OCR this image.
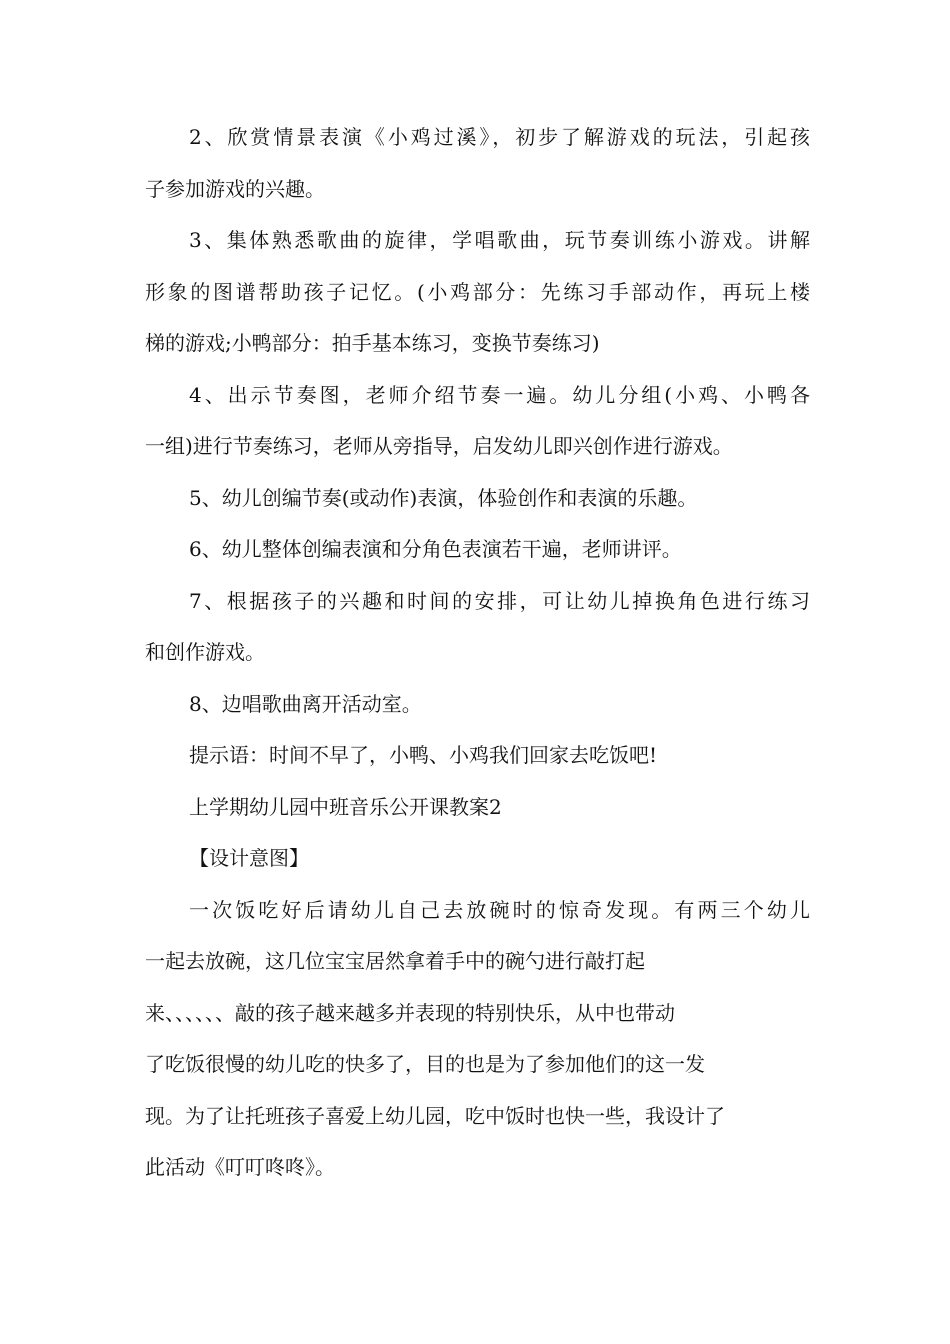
2、欣赏情景表演《小鸡过溪》，初步了解游戏的玩法，引起孩
子参加游戏的兴趣。
3、集体熟悉歌曲的旋律，学唱歌曲，玩节奏训练小游戏。讲解
形象的图谱帮助孩子记忆。(小鸡部分：先练习手部动作，再玩上楼
梯的游戏;小鸭部分：拍手基本练习，变换节奏练习)
4、出示节奏图，老师介绍节奏一遍。幼儿分组(小鸡、小鸭各
一组)进行节奏练习，老师从旁指导，启发幼儿即兴创作进行游戏。
5、幼儿创编节奏(或动作)表演，体验创作和表演的乐趣。
6、幼儿整体创编表演和分角色表演若干遍，老师讲评。
7、根据孩子的兴趣和时间的安排，可让幼儿掉换角色进行练习
和创作游戏。
8、边唱歌曲离开活动室。
提示语：时间不早了，小鸭、小鸡我们回家去吃饭吧!
上学期幼儿园中班音乐公开课教案2
【设计意图】
一次饭吃好后请幼儿自己去放碗时的惊奇发现。有两三个幼儿
一起去放碗，这几位宝宝居然拿着手中的碗勺进行敲打起
来、、、、、、敲的孩子越来越多并表现的特别快乐，从中也带动
了吃饭很慢的幼儿吃的快多了，目的也是为了参加他们的这一发
现。为了让托班孩子喜爱上幼儿园，吃中饭时也快一些，我设计了
此活动《叮叮咚咚》。
